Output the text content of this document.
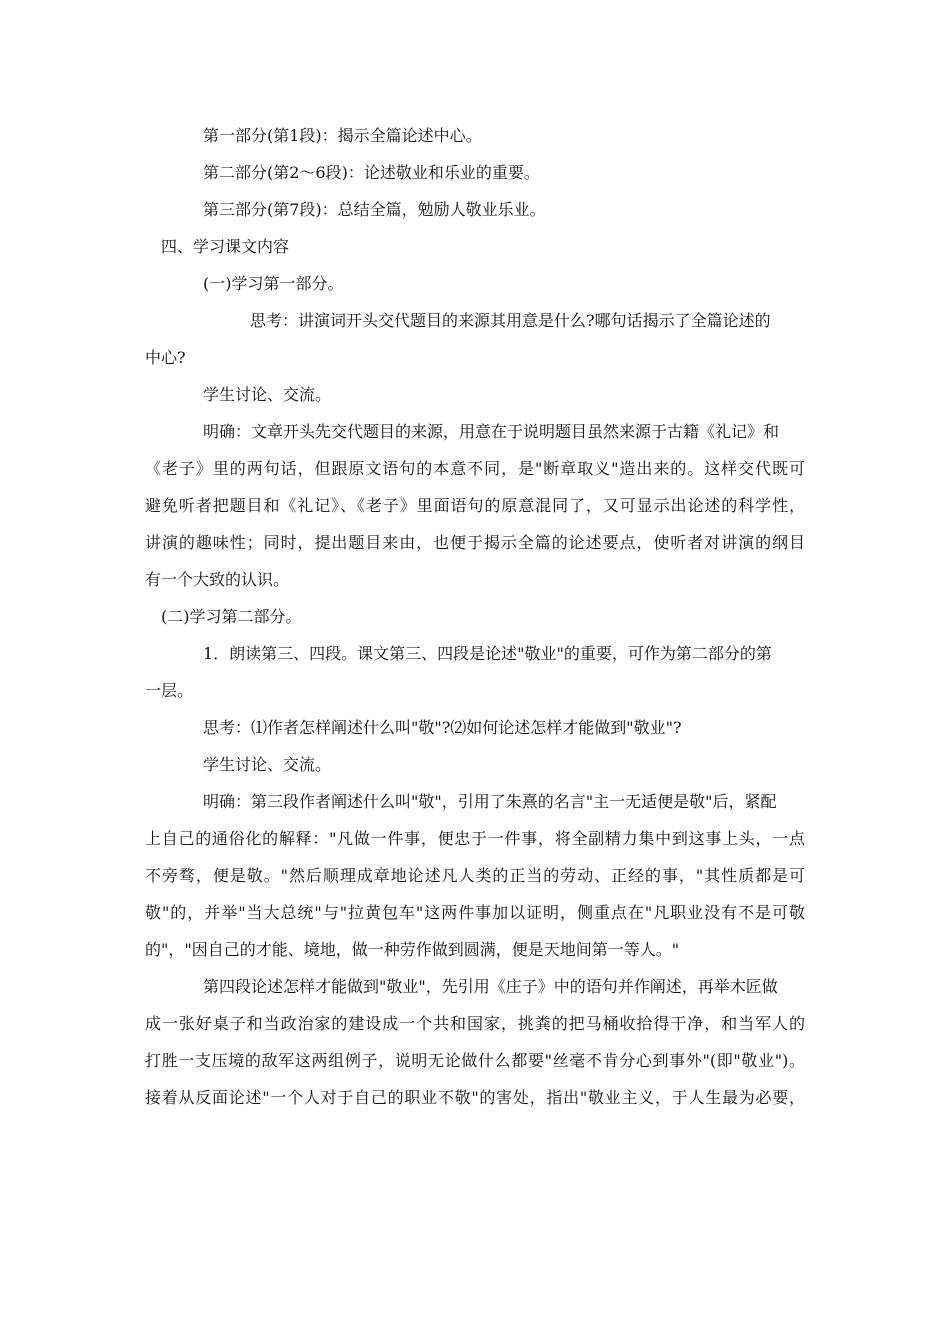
第一部分(第1段)：揭示全篇论述中心。

第二部分(第2～6段)：论述敬业和乐业的重要。

第三部分(第7段)：总结全篇，勉励人敬业乐业。

四、学习课文内容

(一)学习第一部分。

思考：讲演词开头交代题目的来源其用意是什么?哪句话揭示了全篇论述的

中心?

学生讨论、交流。

明确：文章开头先交代题目的来源，用意在于说明题目虽然来源于古籍《礼记》和

《老子》里的两句话，但跟原文语句的本意不同，是"断章取义"造出来的。这样交代既可

避免听者把题目和《礼记》、《老子》里面语句的原意混同了，又可显示出论述的科学性，

讲演的趣味性；同时，提出题目来由，也便于揭示全篇的论述要点，使听者对讲演的纲目

有一个大致的认识。

(二)学习第二部分。

1．朗读第三、四段。课文第三、四段是论述"敬业"的重要，可作为第二部分的第

一层。

思考：⑴作者怎样阐述什么叫"敬"?⑵如何论述怎样才能做到"敬业"?

学生讨论、交流。

明确：第三段作者阐述什么叫"敬"，引用了朱熹的名言"主一无适便是敬"后，紧配

上自己的通俗化的解释："凡做一件事，便忠于一件事，将全副精力集中到这事上头，一点

不旁骛，便是敬。"然后顺理成章地论述凡人类的正当的劳动、正经的事，"其性质都是可

敬"的，并举"当大总统"与"拉黄包车"这两件事加以证明，侧重点在"凡职业没有不是可敬

的"，"因自己的才能、境地，做一种劳作做到圆满，便是天地间第一等人。"

第四段论述怎样才能做到"敬业"，先引用《庄子》中的语句并作阐述，再举木匠做

成一张好桌子和当政治家的建设成一个共和国家，挑粪的把马桶收拾得干净，和当军人的

打胜一支压境的敌军这两组例子，说明无论做什么都要"丝毫不肯分心到事外"(即"敬业")。

接着从反面论述"一个人对于自己的职业不敬"的害处，指出"敬业主义，于人生最为必要，
